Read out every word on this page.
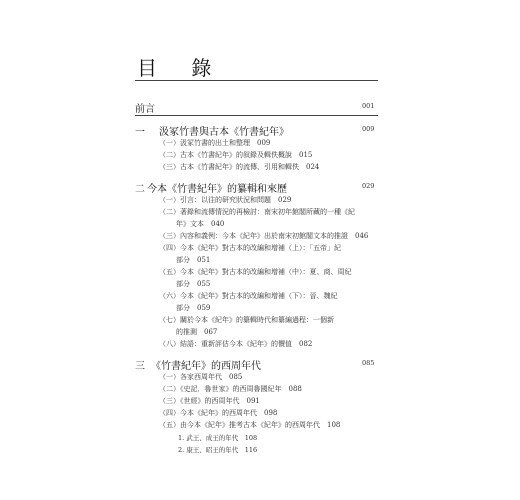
目 錄
前言	001
一 汲冢竹書與古本《竹書紀年》	009
（一）汲冢竹書的出土和整理　009
（二）古本《竹書紀年》的叙錄及輯佚概說　015
（三）古本《竹書紀年》的流傳、引用和輯佚　024
二 今本《竹書紀年》的纂輯和來歷	029
（一）引言：以往的研究狀況和問題　029
（二）著錄和流傳情況的再檢討：南宋初年館閣所藏的一種《紀
年》文本　040
（三）內容和義例：今本《紀年》出於南宋初館閣文本的推證　046
（四）今本《紀年》對古本的改編和增補（上）：「五帝」紀
部分　051
（五）今本《紀年》對古本的改編和增補（中）：夏、商、周紀
部分　055
（六）今本《紀年》對古本的改編和增補（下）：晉、魏紀
部分　059
（七）關於今本《紀年》的纂輯時代和纂編過程：一個新
的推測　067
（八）結語：重新評估今本《紀年》的價值　082
三 《竹書紀年》的西周年代	085
（一）各家西周年代　085
（二）《史記．魯世家》的西周魯國紀年　088
（三）《世經》的西周年代　091
（四）今本《紀年》的西周年代　098
（五）由今本《紀年》推考古本《紀年》的西周年代　108
1. 武王、成王的年代　108
2. 康王、昭王的年代　116
